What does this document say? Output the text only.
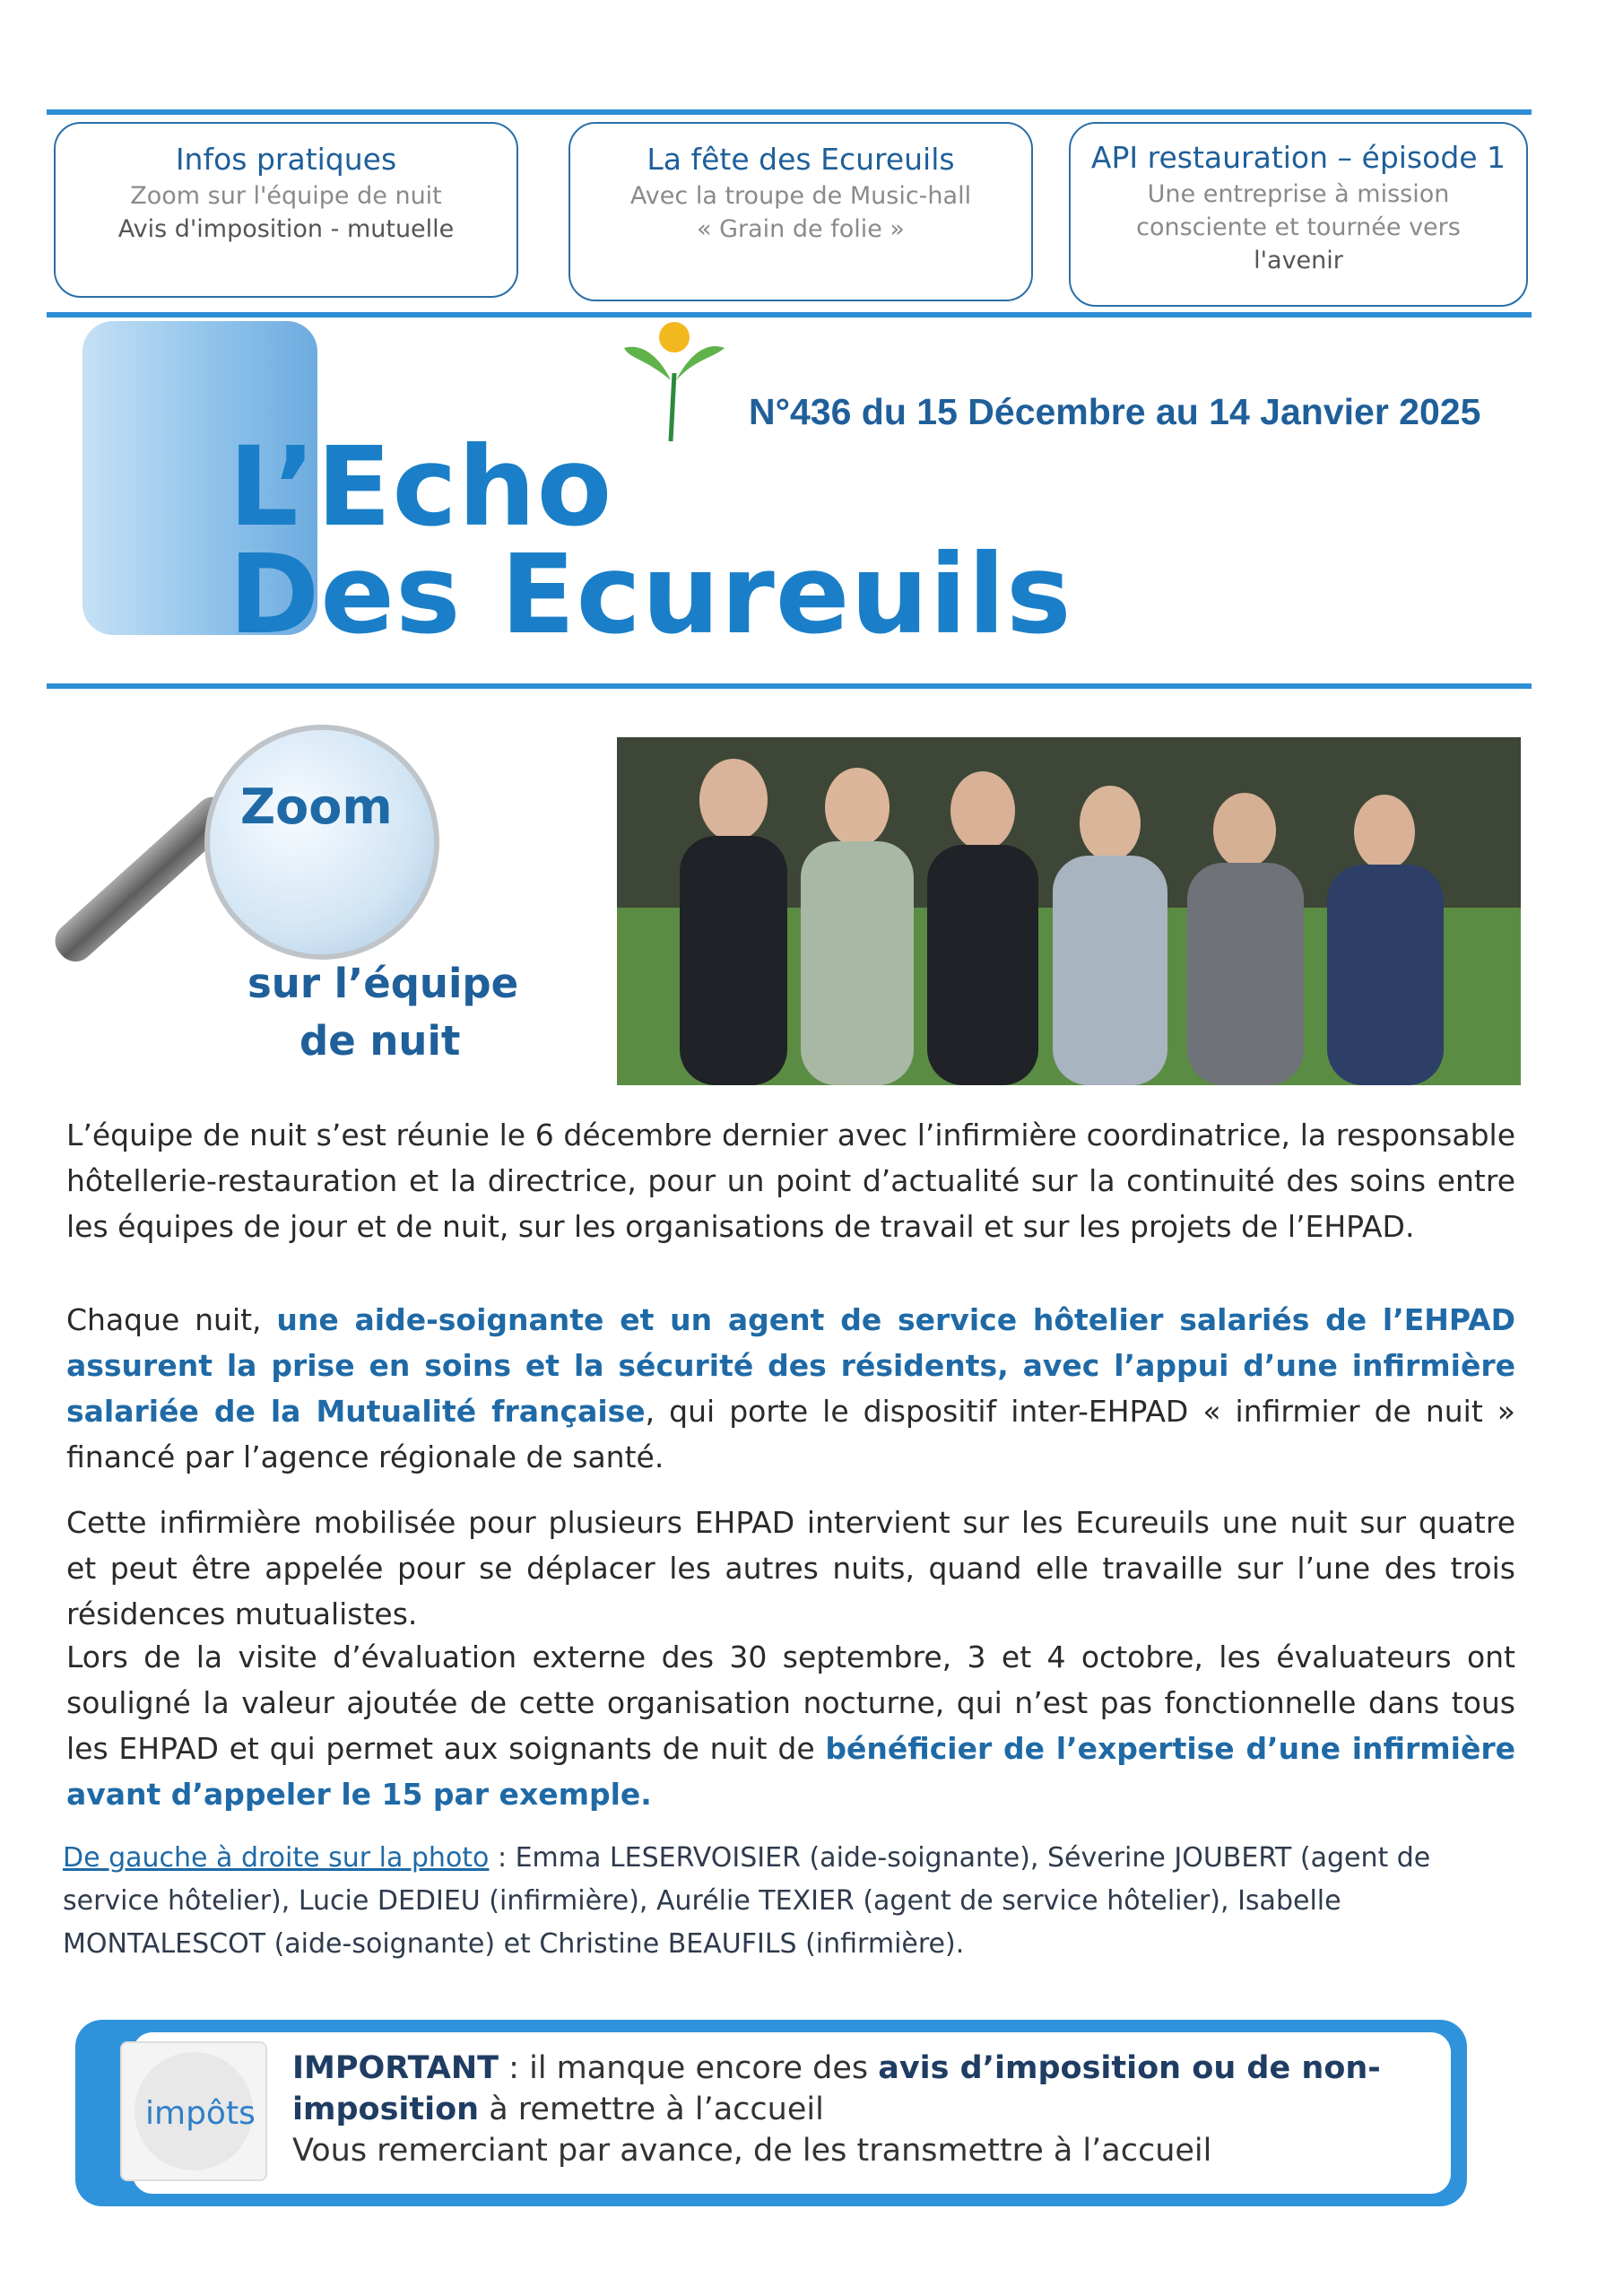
Infos pratiques
Zoom sur l'équipe de nuit
Avis d'imposition - mutuelle
La fête des Ecureuils
Avec la troupe de Music-hall
« Grain de folie »
API restauration – épisode 1
Une entreprise à mission
consciente et tournée vers
l'avenir
L’Echo
Des Ecureuils
N°436 du 15 Décembre au 14 Janvier 2025
Zoom
sur l’équipe
de nuit
L’équipe de nuit s’est réunie le 6 décembre dernier avec l’infirmière coordinatrice, la responsable hôtellerie-restauration et la directrice, pour un point d’actualité sur la continuité des soins entre les équipes de jour et de nuit, sur les organisations de travail et sur les projets de l’EHPAD.
Chaque nuit, une aide-soignante et un agent de service hôtelier salariés de l’EHPAD assurent la prise en soins et la sécurité des résidents, avec l’appui d’une infirmière salariée de la Mutualité française, qui porte le dispositif inter-EHPAD « infirmier de nuit » financé par l’agence régionale de santé.
Cette infirmière mobilisée pour plusieurs EHPAD intervient sur les Ecureuils une nuit sur quatre et peut être appelée pour se déplacer les autres nuits, quand elle travaille sur l’une des trois résidences mutualistes.
Lors de la visite d’évaluation externe des 30 septembre, 3 et 4 octobre, les évaluateurs ont souligné la valeur ajoutée de cette organisation nocturne, qui n’est pas fonctionnelle dans tous les EHPAD et qui permet aux soignants de nuit de bénéficier de l’expertise d’une infirmière avant d’appeler le 15 par exemple.
De gauche à droite sur la photo : Emma LESERVOISIER (aide-soignante), Séverine JOUBERT (agent de service hôtelier), Lucie DEDIEU (infirmière), Aurélie TEXIER (agent de service hôtelier), Isabelle MONTALESCOT (aide-soignante) et Christine BEAUFILS (infirmière).
impôts
IMPORTANT : il manque encore des avis d’imposition ou de non-imposition à remettre à l’accueil
Vous remerciant par avance, de les transmettre à l’accueil
